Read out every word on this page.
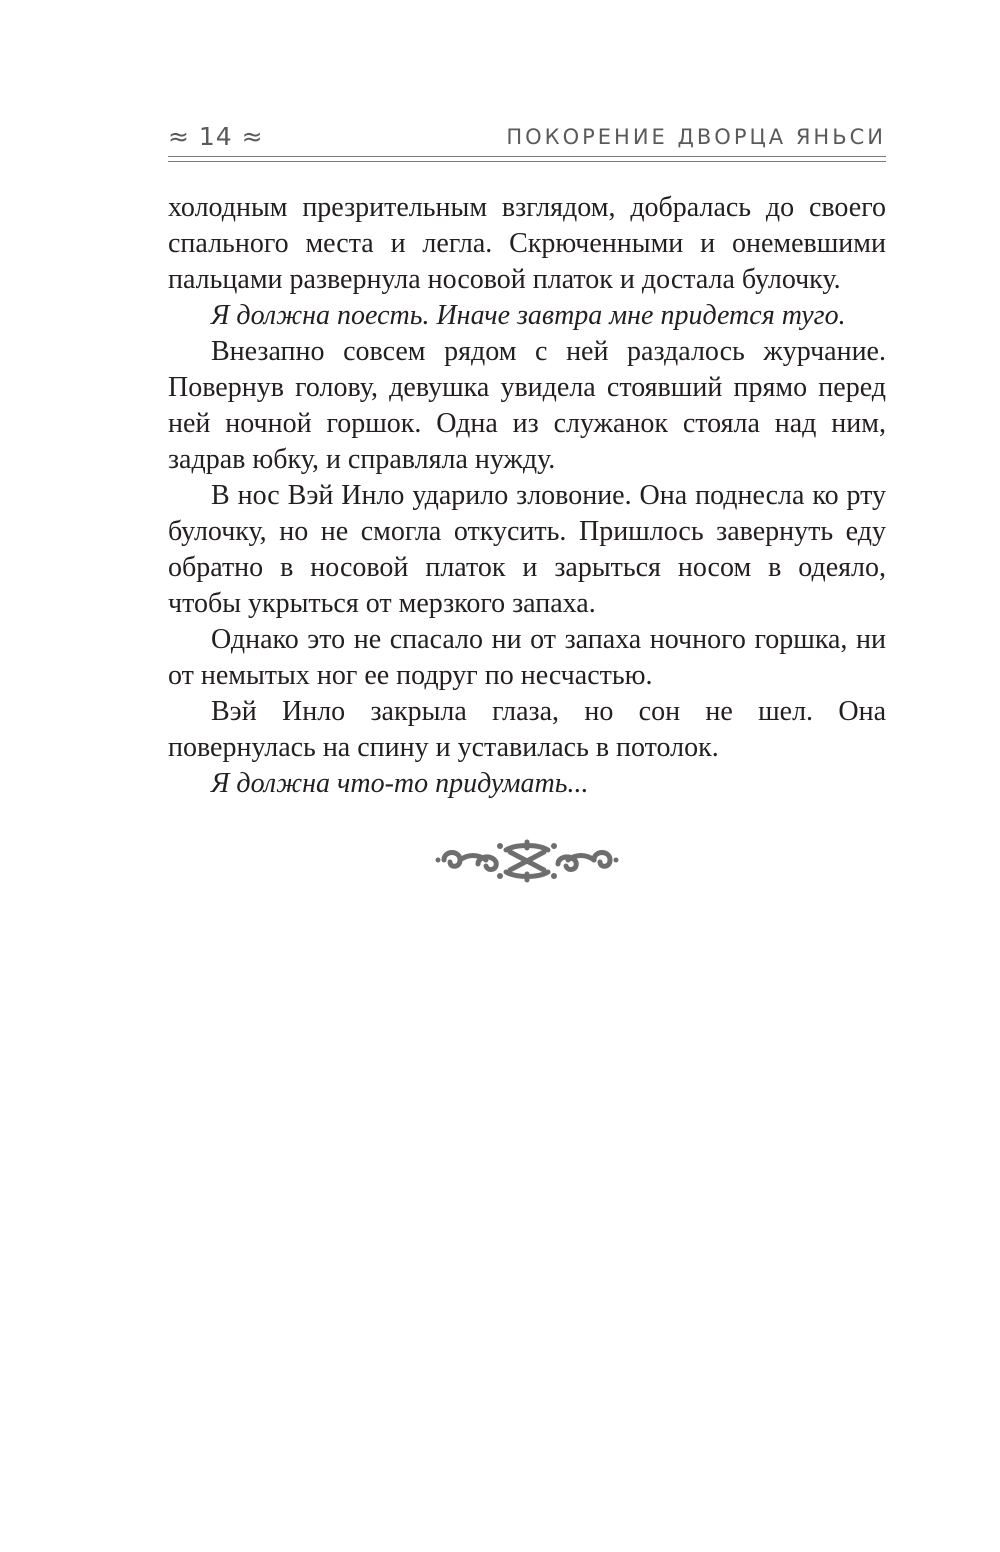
≈ 14 ≈	ПОКОРЕНИЕ ДВОРЦА ЯНЬСИ

холодным презрительным взглядом, добралась до своего спального места и легла. Скрюченными и онемевшими пальцами развернула носовой платок и достала булочку.

Я должна поесть. Иначе завтра мне придется туго.

Внезапно совсем рядом с ней раздалось журчание. Повернув голову, девушка увидела стоявший прямо перед ней ночной горшок. Одна из служанок стояла над ним, задрав юбку, и справляла нужду.

В нос Вэй Инло ударило зловоние. Она поднесла ко рту булочку, но не смогла откусить. Пришлось завернуть еду обратно в носовой платок и зарыться носом в одеяло, чтобы укрыться от мерзкого запаха.

Однако это не спасало ни от запаха ночного горшка, ни от немытых ног ее подруг по несчастью.

Вэй Инло закрыла глаза, но сон не шел. Она повернулась на спину и уставилась в потолок.

Я должна что-то придумать...
